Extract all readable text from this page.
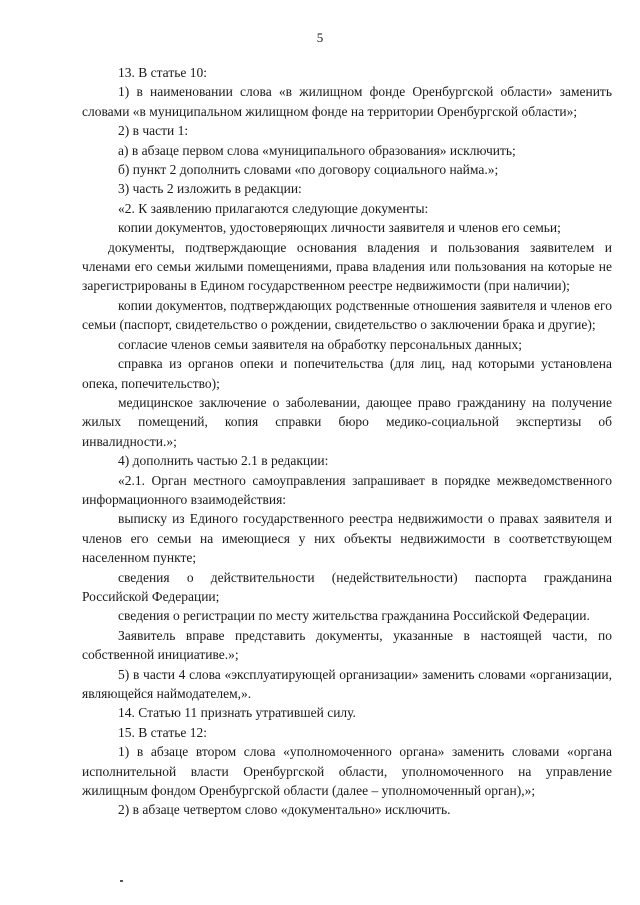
5

13. В статье 10:

1) в наименовании слова «в жилищном фонде Оренбургской области» заменить словами «в муниципальном жилищном фонде на территории Оренбургской области»;

2) в части 1:

а) в абзаце первом слова «муниципального образования» исключить;

б) пункт 2 дополнить словами «по договору социального найма.»;

3) часть 2 изложить в редакции:

«2. К заявлению прилагаются следующие документы:

копии документов, удостоверяющих личности заявителя и членов его семьи;

документы, подтверждающие основания владения и пользования заявителем и членами его семьи жилыми помещениями, права владения или пользования на которые не зарегистрированы в Едином государственном реестре недвижимости (при наличии);

копии документов, подтверждающих родственные отношения заявителя и членов его семьи (паспорт, свидетельство о рождении, свидетельство о заключении брака и другие);

согласие членов семьи заявителя на обработку персональных данных;

справка из органов опеки и попечительства (для лиц, над которыми установлена опека, попечительство);

медицинское заключение о заболевании, дающее право гражданину на получение жилых помещений, копия справки бюро медико-социальной экспертизы об инвалидности.»;

4) дополнить частью 2.1 в редакции:

«2.1. Орган местного самоуправления запрашивает в порядке межведомственного информационного взаимодействия:

выписку из Единого государственного реестра недвижимости о правах заявителя и членов его семьи на имеющиеся у них объекты недвижимости в соответствующем населенном пункте;

сведения о действительности (недействительности) паспорта гражданина Российской Федерации;

сведения о регистрации по месту жительства гражданина Российской Федерации.

Заявитель вправе представить документы, указанные в настоящей части, по собственной инициативе.»;

5) в части 4 слова «эксплуатирующей организации» заменить словами «организации, являющейся наймодателем,».

14. Статью 11 признать утратившей силу.

15. В статье 12:

1) в абзаце втором слова «уполномоченного органа» заменить словами «органа исполнительной власти Оренбургской области, уполномоченного на управление жилищным фондом Оренбургской области (далее – уполномоченный орган),»;

2) в абзаце четвертом слово «документально» исключить.
